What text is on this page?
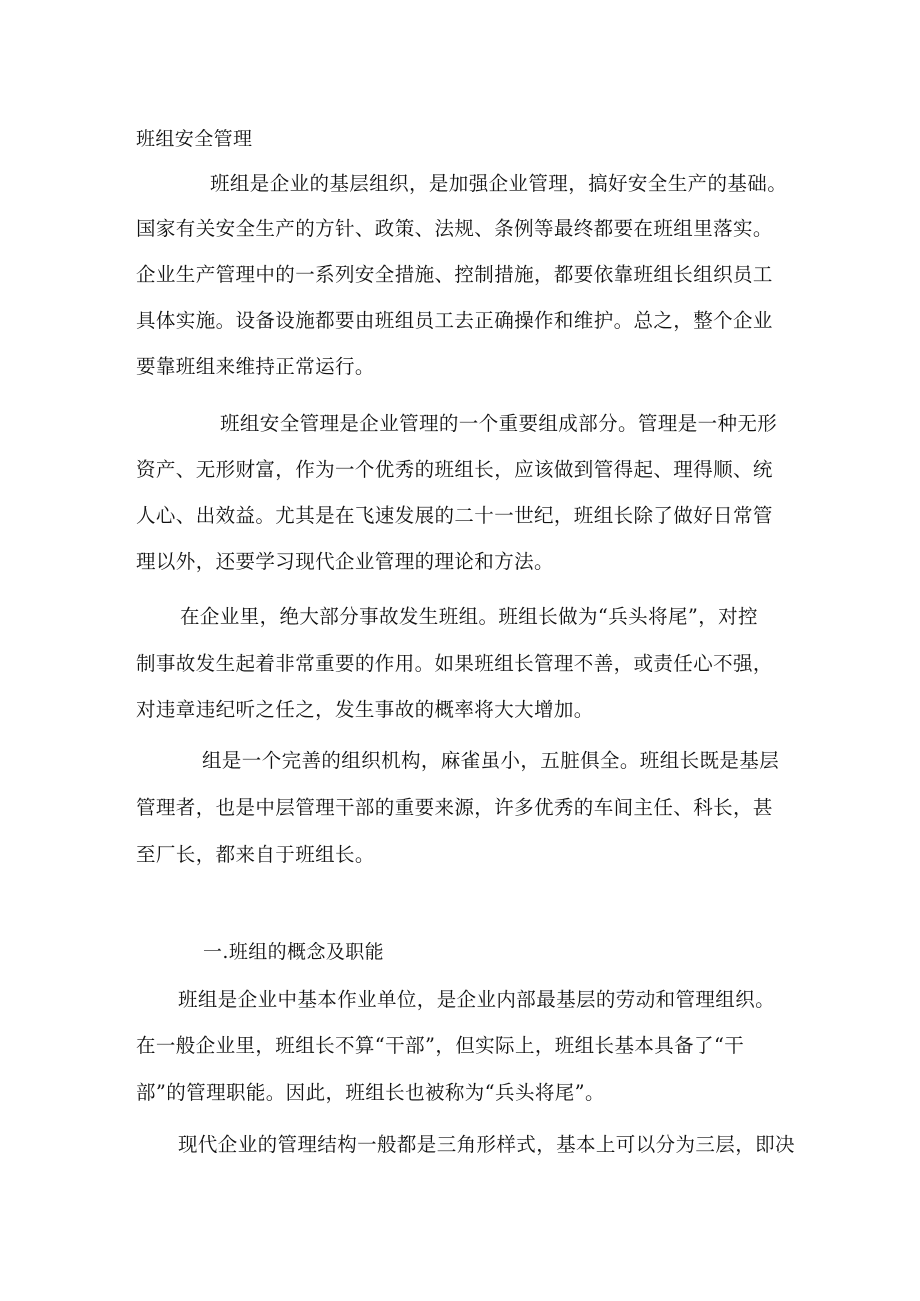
班组安全管理
班组是企业的基层组织，是加强企业管理，搞好安全生产的基础。
国家有关安全生产的方针、政策、法规、条例等最终都要在班组里落实。
企业生产管理中的一系列安全措施、控制措施，都要依靠班组长组织员工
具体实施。设备设施都要由班组员工去正确操作和维护。总之，整个企业
要靠班组来维持正常运行。
班组安全管理是企业管理的一个重要组成部分。管理是一种无形
资产、无形财富，作为一个优秀的班组长，应该做到管得起、理得顺、统
人心、出效益。尤其是在飞速发展的二十一世纪，班组长除了做好日常管
理以外，还要学习现代企业管理的理论和方法。
在企业里，绝大部分事故发生班组。班组长做为“兵头将尾”，对控
制事故发生起着非常重要的作用。如果班组长管理不善，或责任心不强，
对违章违纪听之任之，发生事故的概率将大大增加。
组是一个完善的组织机构，麻雀虽小，五脏俱全。班组长既是基层
管理者，也是中层管理干部的重要来源，许多优秀的车间主任、科长，甚
至厂长，都来自于班组长。
一.班组的概念及职能
班组是企业中基本作业单位，是企业内部最基层的劳动和管理组织。
在一般企业里，班组长不算“干部”，但实际上，班组长基本具备了“干
部”的管理职能。因此，班组长也被称为“兵头将尾”。
现代企业的管理结构一般都是三角形样式，基本上可以分为三层，即决
